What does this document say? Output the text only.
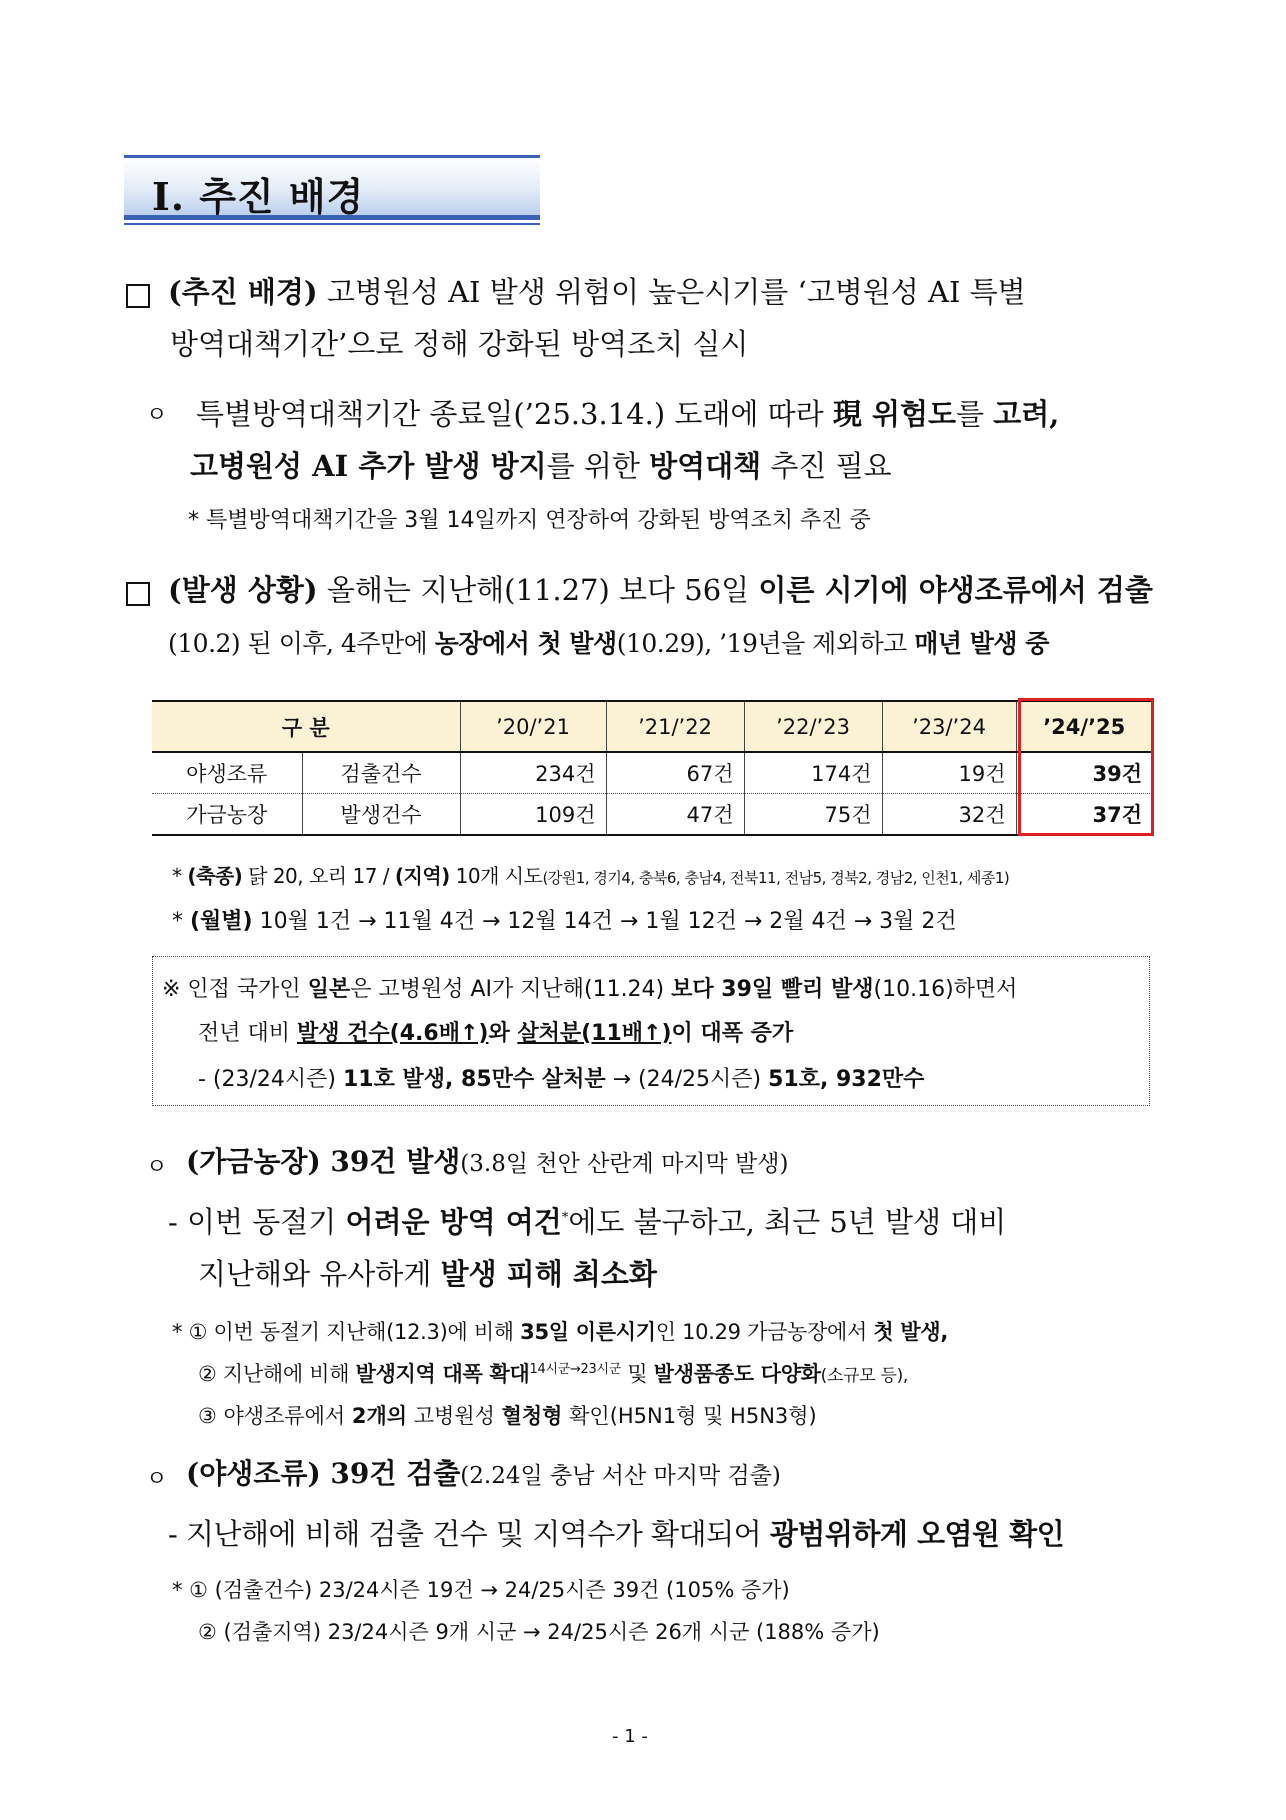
Ⅰ. 추진 배경
(추진 배경) 고병원성 AI 발생 위험이 높은시기를 ‘고병원성 AI 특별
방역대책기간’으로 정해 강화된 방역조치 실시
ㅇ 특별방역대책기간 종료일(’25.3.14.) 도래에 따라 現 위험도를 고려,
고병원성 AI 추가 발생 방지를 위한 방역대책 추진 필요
* 특별방역대책기간을 3월 14일까지 연장하여 강화된 방역조치 추진 중
(발생 상황) 올해는 지난해(11.27) 보다 56일 이른 시기에 야생조류에서 검출
(10.2) 된 이후, 4주만에 농장에서 첫 발생(10.29), ’19년을 제외하고 매년 발생 중
구 분		’20/’21	’21/’22	’22/’23	’23/’24	’24/’25
야생조류	검출건수	234건	67건	174건	19건	39건
가금농장	발생건수	109건	47건	75건	32건	37건
* (축종) 닭 20, 오리 17 / (지역) 10개 시도(강원1, 경기4, 충북6, 충남4, 전북11, 전남5, 경북2, 경남2, 인천1, 세종1)
* (월별) 10월 1건 → 11월 4건 → 12월 14건 → 1월 12건 → 2월 4건 → 3월 2건
※ 인접 국가인 일본은 고병원성 AI가 지난해(11.24) 보다 39일 빨리 발생(10.16)하면서
전년 대비 발생 건수(4.6배↑)와 살처분(11배↑)이 대폭 증가
- (23/24시즌) 11호 발생, 85만수 살처분 → (24/25시즌) 51호, 932만수
ㅇ (가금농장) 39건 발생(3.8일 천안 산란계 마지막 발생)
- 이번 동절기 어려운 방역 여건*에도 불구하고, 최근 5년 발생 대비
지난해와 유사하게 발생 피해 최소화
* ① 이번 동절기 지난해(12.3)에 비해 35일 이른시기인 10.29 가금농장에서 첫 발생,
② 지난해에 비해 발생지역 대폭 확대$^{14시군\to 23시군}$ 및 발생품종도 다양화(소규모 등),
③ 야생조류에서 2개의 고병원성 혈청형 확인(H5N1형 및 H5N3형)
ㅇ (야생조류) 39건 검출(2.24일 충남 서산 마지막 검출)
- 지난해에 비해 검출 건수 및 지역수가 확대되어 광범위하게 오염원 확인
* ① (검출건수) 23/24시즌 19건 → 24/25시즌 39건 (105% 증가)
② (검출지역) 23/24시즌 9개 시군 → 24/25시즌 26개 시군 (188% 증가)
- 1 -
